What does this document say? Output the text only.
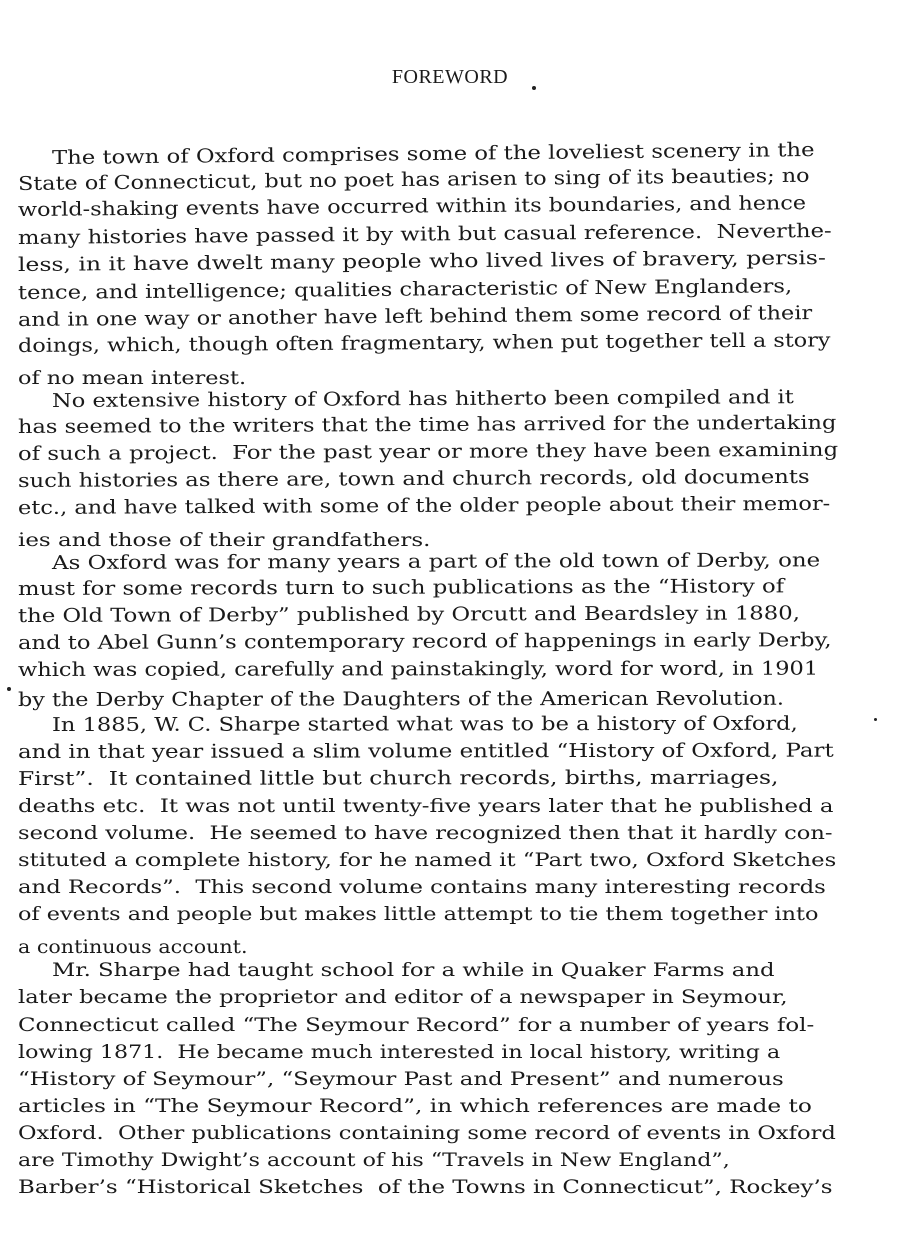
FOREWORD
The town of Oxford comprises some of the loveliest scenery in the
State of Connecticut, but no poet has arisen to sing of its beauties; no
world-shaking events have occurred within its boundaries, and hence
many histories have passed it by with but casual reference.  Neverthe-
less, in it have dwelt many people who lived lives of bravery, persis-
tence, and intelligence; qualities characteristic of New Englanders,
and in one way or another have left behind them some record of their
doings, which, though often fragmentary, when put together tell a story
of no mean interest.
No extensive history of Oxford has hitherto been compiled and it
has seemed to the writers that the time has arrived for the undertaking
of such a project.  For the past year or more they have been examining
such histories as there are, town and church records, old documents
etc., and have talked with some of the older people about their memor-
ies and those of their grandfathers.
As Oxford was for many years a part of the old town of Derby, one
must for some records turn to such publications as the “History of
the Old Town of Derby” published by Orcutt and Beardsley in 1880,
and to Abel Gunn’s contemporary record of happenings in early Derby,
which was copied, carefully and painstakingly, word for word, in 1901
by the Derby Chapter of the Daughters of the American Revolution.
In 1885, W. C. Sharpe started what was to be a history of Oxford,
and in that year issued a slim volume entitled “History of Oxford, Part
First”.  It contained little but church records, births, marriages,
deaths etc.  It was not until twenty-five years later that he published a
second volume.  He seemed to have recognized then that it hardly con-
stituted a complete history, for he named it “Part two, Oxford Sketches
and Records”.  This second volume contains many interesting records
of events and people but makes little attempt to tie them together into
a continuous account.
Mr. Sharpe had taught school for a while in Quaker Farms and
later became the proprietor and editor of a newspaper in Seymour,
Connecticut called “The Seymour Record” for a number of years fol-
lowing 1871.  He became much interested in local history, writing a
“History of Seymour”, “Seymour Past and Present” and numerous
articles in “The Seymour Record”, in which references are made to
Oxford.  Other publications containing some record of events in Oxford
are Timothy Dwight’s account of his “Travels in New England”,
Barber’s “Historical Sketches  of the Towns in Connecticut”, Rockey’s
